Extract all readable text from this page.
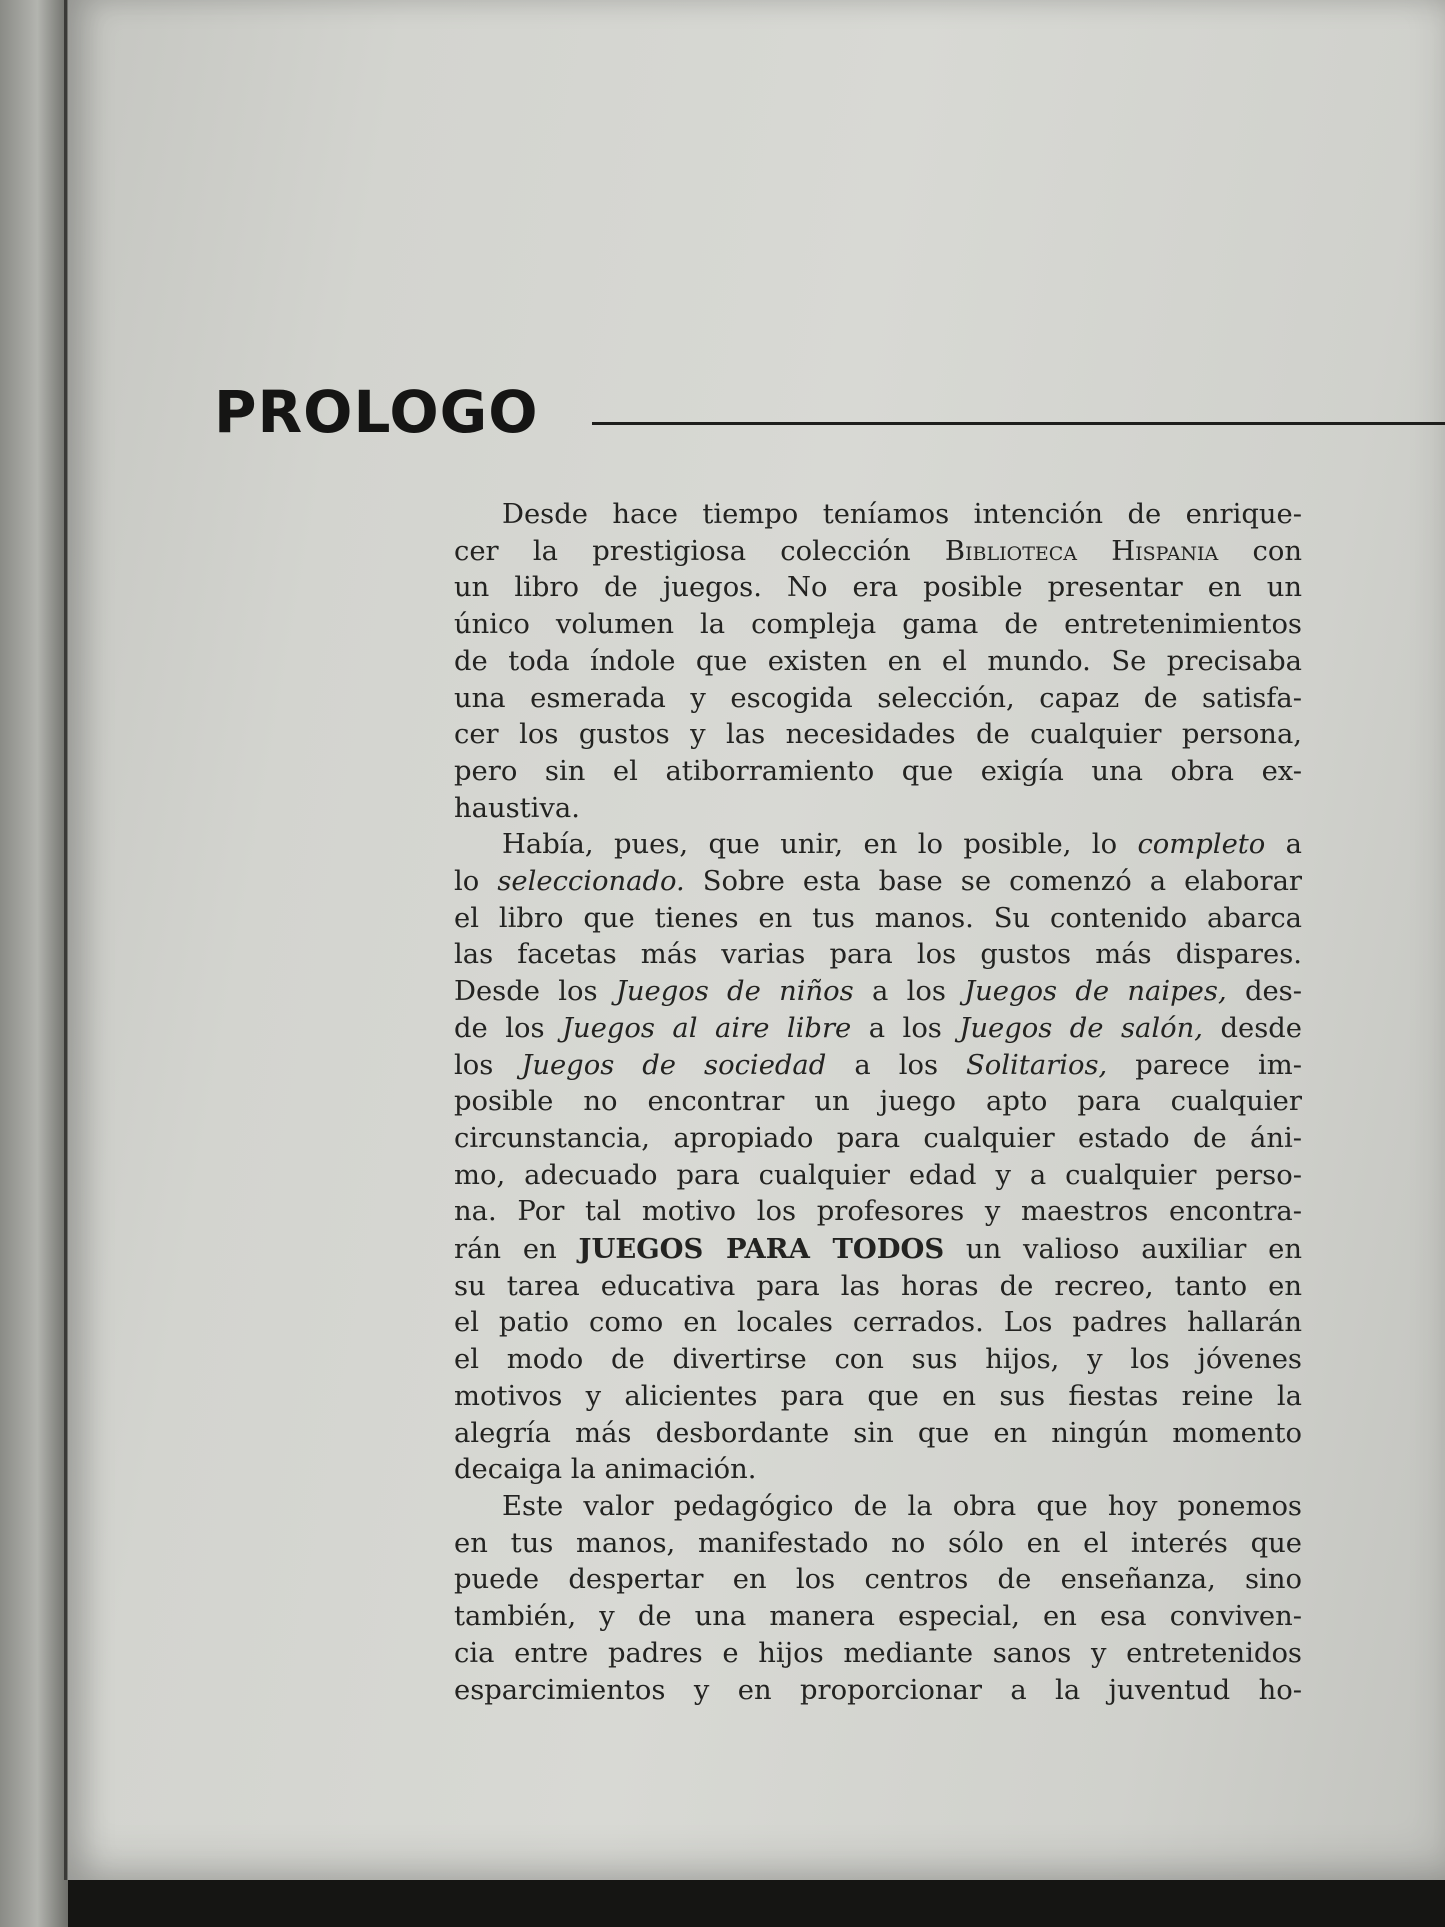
PROLOGO
Desde hace tiempo teníamos intención de enrique-
cer la prestigiosa colección Biblioteca Hispania con
un libro de juegos. No era posible presentar en un
único volumen la compleja gama de entretenimientos
de toda índole que existen en el mundo. Se precisaba
una esmerada y escogida selección, capaz de satisfa-
cer los gustos y las necesidades de cualquier persona,
pero sin el atiborramiento que exigía una obra ex-
haustiva.
Había, pues, que unir, en lo posible, lo completo a
lo seleccionado. Sobre esta base se comenzó a elaborar
el libro que tienes en tus manos. Su contenido abarca
las facetas más varias para los gustos más dispares.
Desde los Juegos de niños a los Juegos de naipes, des-
de los Juegos al aire libre a los Juegos de salón, desde
los Juegos de sociedad a los Solitarios, parece im-
posible no encontrar un juego apto para cualquier
circunstancia, apropiado para cualquier estado de áni-
mo, adecuado para cualquier edad y a cualquier perso-
na. Por tal motivo los profesores y maestros encontra-
rán en JUEGOS PARA TODOS un valioso auxiliar en
su tarea educativa para las horas de recreo, tanto en
el patio como en locales cerrados. Los padres hallarán
el modo de divertirse con sus hijos, y los jóvenes
motivos y alicientes para que en sus fiestas reine la
alegría más desbordante sin que en ningún momento
decaiga la animación.
Este valor pedagógico de la obra que hoy ponemos
en tus manos, manifestado no sólo en el interés que
puede despertar en los centros de enseñanza, sino
también, y de una manera especial, en esa conviven-
cia entre padres e hijos mediante sanos y entretenidos
esparcimientos y en proporcionar a la juventud ho-
